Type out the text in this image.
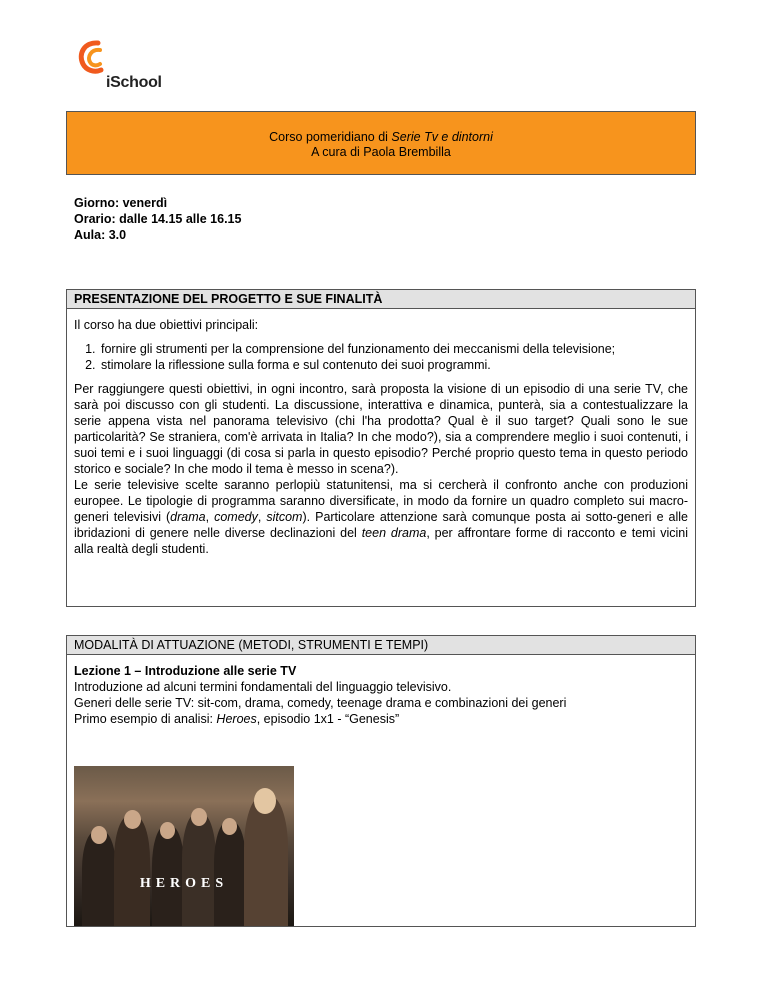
iSchool
Corso pomeridiano di Serie Tv e dintorni
A cura di Paola Brembilla
Giorno: venerdì
Orario: dalle 14.15 alle 16.15
Aula: 3.0
PRESENTAZIONE DEL PROGETTO E SUE FINALITÀ

Il corso ha due obiettivi principali:

1. fornire gli strumenti per la comprensione del funzionamento dei meccanismi della televisione;
2. stimolare la riflessione sulla forma e sul contenuto dei suoi programmi.

Per raggiungere questi obiettivi, in ogni incontro, sarà proposta la visione di un episodio di una serie TV, che sarà poi discusso con gli studenti. La discussione, interattiva e dinamica, punterà, sia a contestualizzare la serie appena vista nel panorama televisivo (chi l'ha prodotta? Qual è il suo target? Quali sono le sue particolarità? Se straniera, com'è arrivata in Italia? In che modo?), sia a comprendere meglio i suoi contenuti, i suoi temi e i suoi linguaggi (di cosa si parla in questo episodio? Perché proprio questo tema in questo periodo storico e sociale? In che modo il tema è messo in scena?).

Le serie televisive scelte saranno perlopiù statunitensi, ma si cercherà il confronto anche con produzioni europee. Le tipologie di programma saranno diversificate, in modo da fornire un quadro completo sui macro-generi televisivi (drama, comedy, sitcom). Particolare attenzione sarà comunque posta ai sotto-generi e alle ibridazioni di genere nelle diverse declinazioni del teen drama, per affrontare forme di racconto e temi vicini alla realtà degli studenti.

MODALITÀ DI ATTUAZIONE (METODI, STRUMENTI E TEMPI)
Lezione 1 – Introduzione alle serie TV
Introduzione ad alcuni termini fondamentali del linguaggio televisivo.
Generi delle serie TV: sit-com, drama, comedy, teenage drama e combinazioni dei generi
Primo esempio di analisi: Heroes, episodio 1x1 - “Genesis”
HEROES
